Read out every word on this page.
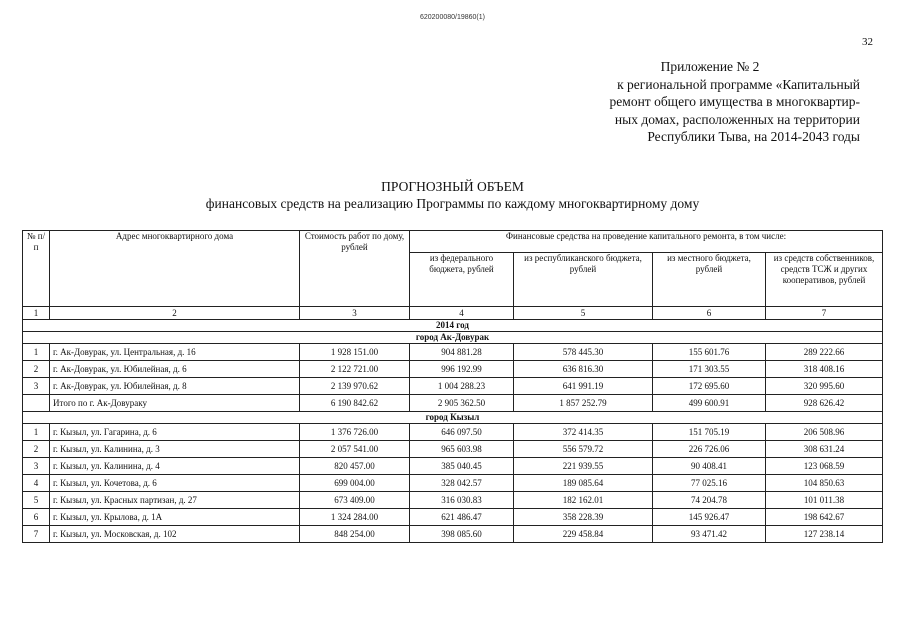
620200080/19860(1)
32
Приложение № 2
к региональной программе «Капитальный
ремонт общего имущества в многоквартир-
ных домах, расположенных на территории
Республики Тыва, на 2014-2043 годы
ПРОГНОЗНЫЙ ОБЪЕМ
финансовых средств на реализацию Программы по каждому многоквартирному дому
№ п/п	Адрес многоквартирного дома	Стоимость работ по дому, рублей	Финансовые средства на проведение капитального ремонта, в том числе:			
			из федерального бюджета, рублей	из республиканского бюджета, рублей	из местного бюджета, рублей	из средств собственников, средств ТСЖ и других кооперативов, рублей
1	2	3	4	5	6	7
2014 год						
город Ак-Довурак						
1	г. Ак-Довурак, ул. Центральная, д. 16	1 928 151.00	904 881.28	578 445.30	155 601.76	289 222.66
2	г. Ак-Довурак, ул. Юбилейная, д. 6	2 122 721.00	996 192.99	636 816.30	171 303.55	318 408.16
3	г. Ак-Довурак, ул. Юбилейная, д. 8	2 139 970.62	1 004 288.23	641 991.19	172 695.60	320 995.60
	Итого по г. Ак-Довураку	6 190 842.62	2 905 362.50	1 857 252.79	499 600.91	928 626.42
город Кызыл						
1	г. Кызыл, ул. Гагарина, д. 6	1 376 726.00	646 097.50	372 414.35	151 705.19	206 508.96
2	г. Кызыл, ул. Калинина, д. 3	2 057 541.00	965 603.98	556 579.72	226 726.06	308 631.24
3	г. Кызыл, ул. Калинина, д. 4	820 457.00	385 040.45	221 939.55	90 408.41	123 068.59
4	г. Кызыл, ул. Кочетова, д. 6	699 004.00	328 042.57	189 085.64	77 025.16	104 850.63
5	г. Кызыл, ул. Красных партизан, д. 27	673 409.00	316 030.83	182 162.01	74 204.78	101 011.38
6	г. Кызыл, ул. Крылова, д. 1А	1 324 284.00	621 486.47	358 228.39	145 926.47	198 642.67
7	г. Кызыл, ул. Московская, д. 102	848 254.00	398 085.60	229 458.84	93 471.42	127 238.14
